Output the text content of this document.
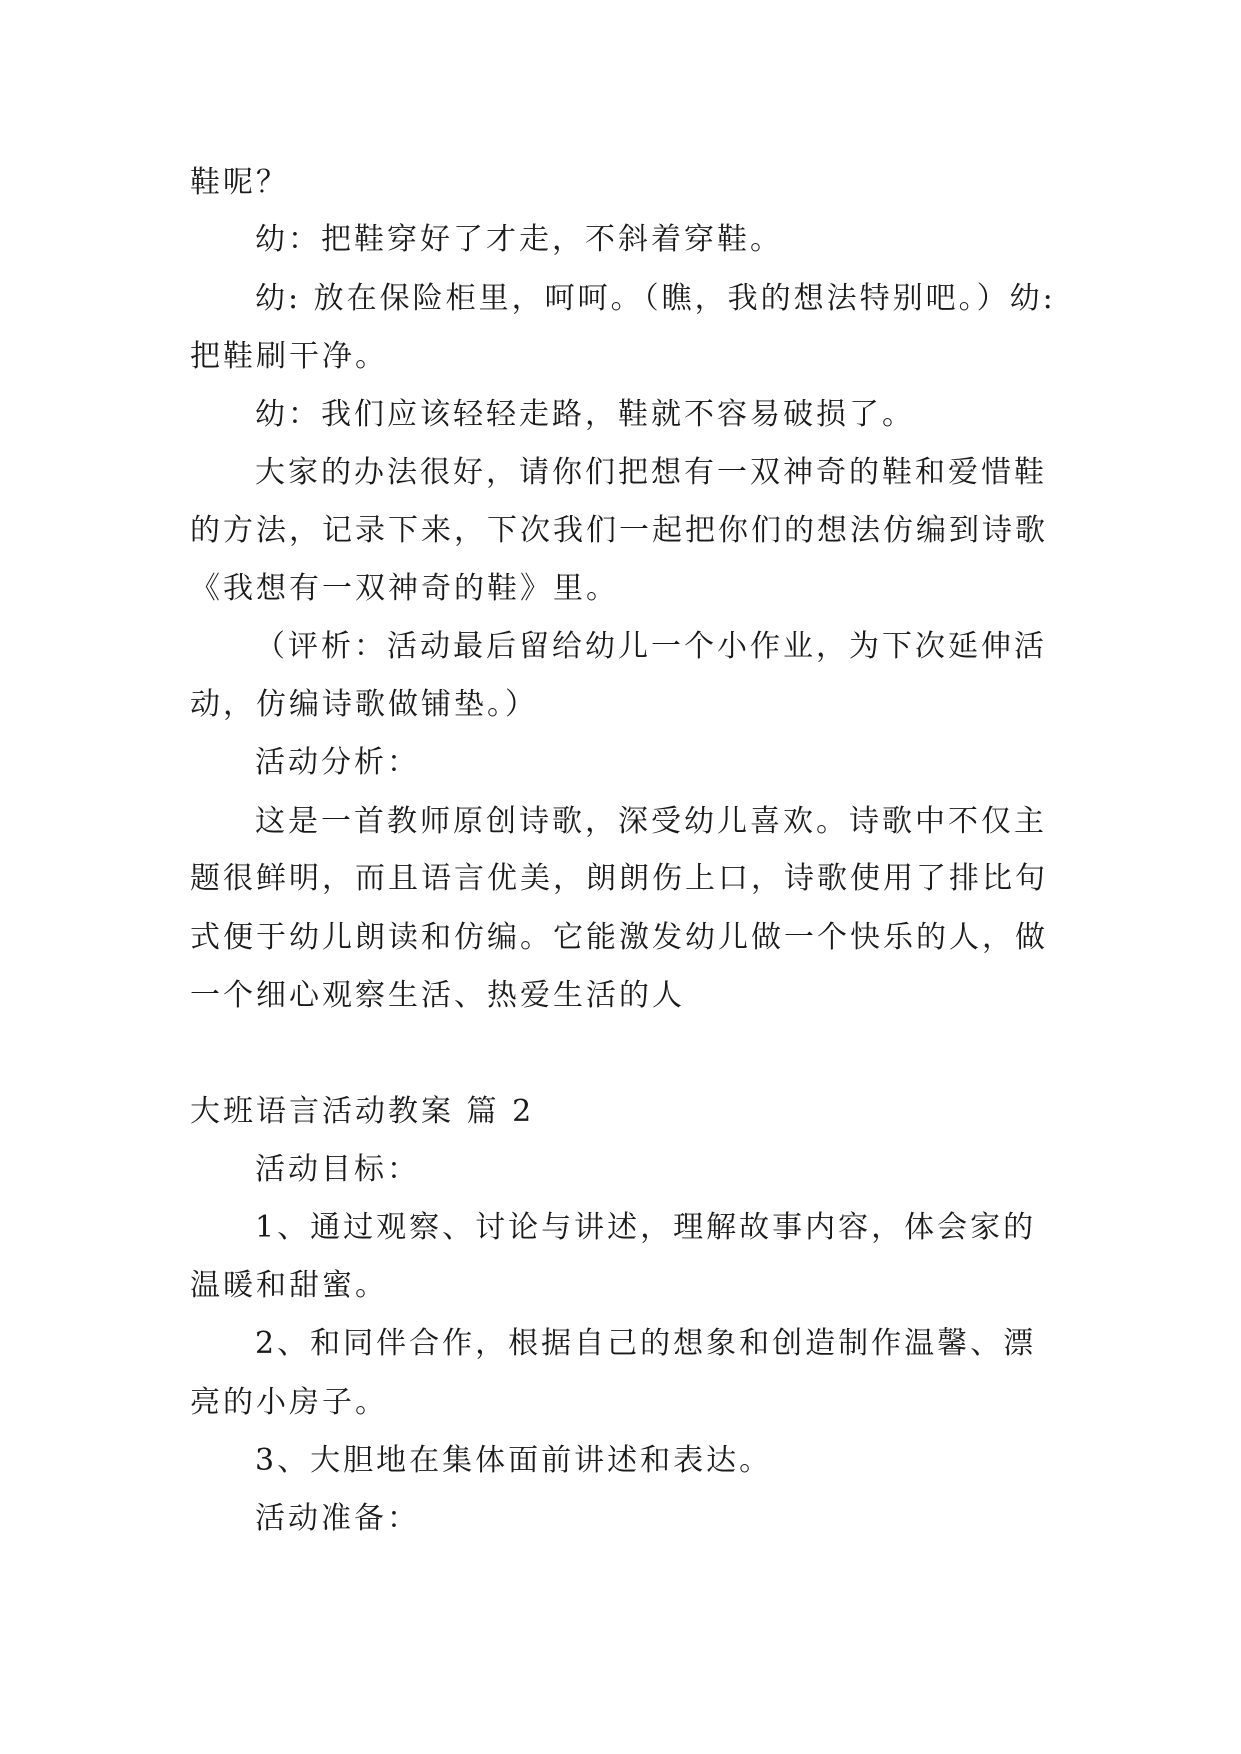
鞋呢？
幼：把鞋穿好了才走，不斜着穿鞋。
幼: 放在保险柜里，呵呵。（瞧，我的想法特别吧。）幼:
把鞋刷干净。
幼：我们应该轻轻走路，鞋就不容易破损了。
大家的办法很好，请你们把想有一双神奇的鞋和爱惜鞋
的方法，记录下来，下次我们一起把你们的想法仿编到诗歌
《我想有一双神奇的鞋》里。
（评析：活动最后留给幼儿一个小作业，为下次延伸活
动，仿编诗歌做铺垫。）
活动分析：
这是一首教师原创诗歌，深受幼儿喜欢。诗歌中不仅主
题很鲜明，而且语言优美，朗朗伤上口，诗歌使用了排比句
式便于幼儿朗读和仿编。它能激发幼儿做一个快乐的人，做
一个细心观察生活、热爱生活的人
大班语言活动教案 篇 2
活动目标：
1、通过观察、讨论与讲述，理解故事内容，体会家的
温暖和甜蜜。
2、和同伴合作，根据自己的想象和创造制作温馨、漂
亮的小房子。
3、大胆地在集体面前讲述和表达。
活动准备：
